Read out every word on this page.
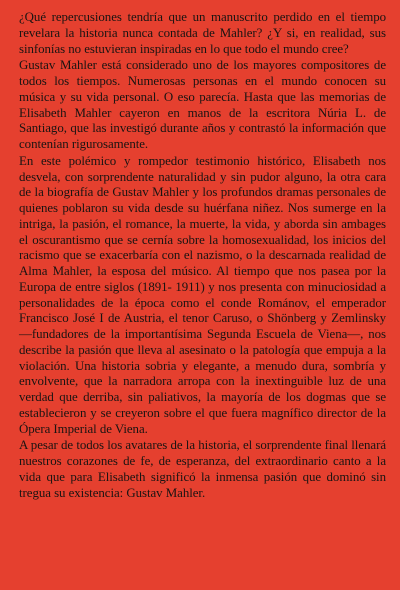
¿Qué repercusiones tendría que un manuscrito perdido en el tiempo revelara la historia nunca contada de Mahler? ¿Y si, en realidad, sus sinfonías no estuvieran inspiradas en lo que todo el mundo cree?

Gustav Mahler está considerado uno de los mayores compositores de todos los tiempos. Numerosas personas en el mundo conocen su música y su vida personal. O eso parecía. Hasta que las memorias de Elisabeth Mahler cayeron en manos de la escritora Núria L. de Santiago, que las investigó durante años y contrastó la información que contenían rigurosamente.

En este polémico y rompedor testimonio histórico, Elisabeth nos desvela, con sorprendente naturalidad y sin pudor alguno, la otra cara de la biografía de Gustav Mahler y los profundos dramas personales de quienes poblaron su vida desde su huérfana niñez. Nos sumerge en la intriga, la pasión, el romance, la muerte, la vida, y aborda sin ambages el oscurantismo que se cernía sobre la homosexualidad, los inicios del racismo que se exacerbaría con el nazismo, o la descarnada realidad de Alma Mahler, la esposa del músico. Al tiempo que nos pasea por la Europa de entre siglos (1891- 1911) y nos presenta con minuciosidad a personalidades de la época como el conde Románov, el emperador Francisco José I de Austria, el tenor Caruso, o Shönberg y Zemlinsky —fundadores de la importantísima Segunda Escuela de Viena—, nos describe la pasión que lleva al asesinato o la patología que empuja a la violación. Una historia sobria y elegante, a menudo dura, sombría y envolvente, que la narradora arropa con la inextinguible luz de una verdad que derriba, sin paliativos, la mayoría de los dogmas que se establecieron y se creyeron sobre el que fuera magnífico director de la Ópera Imperial de Viena.

A pesar de todos los avatares de la historia, el sorprendente final llenará nuestros corazones de fe, de esperanza, del extraordinario canto a la vida que para Elisabeth significó la inmensa pasión que dominó sin tregua su existencia: Gustav Mahler.
